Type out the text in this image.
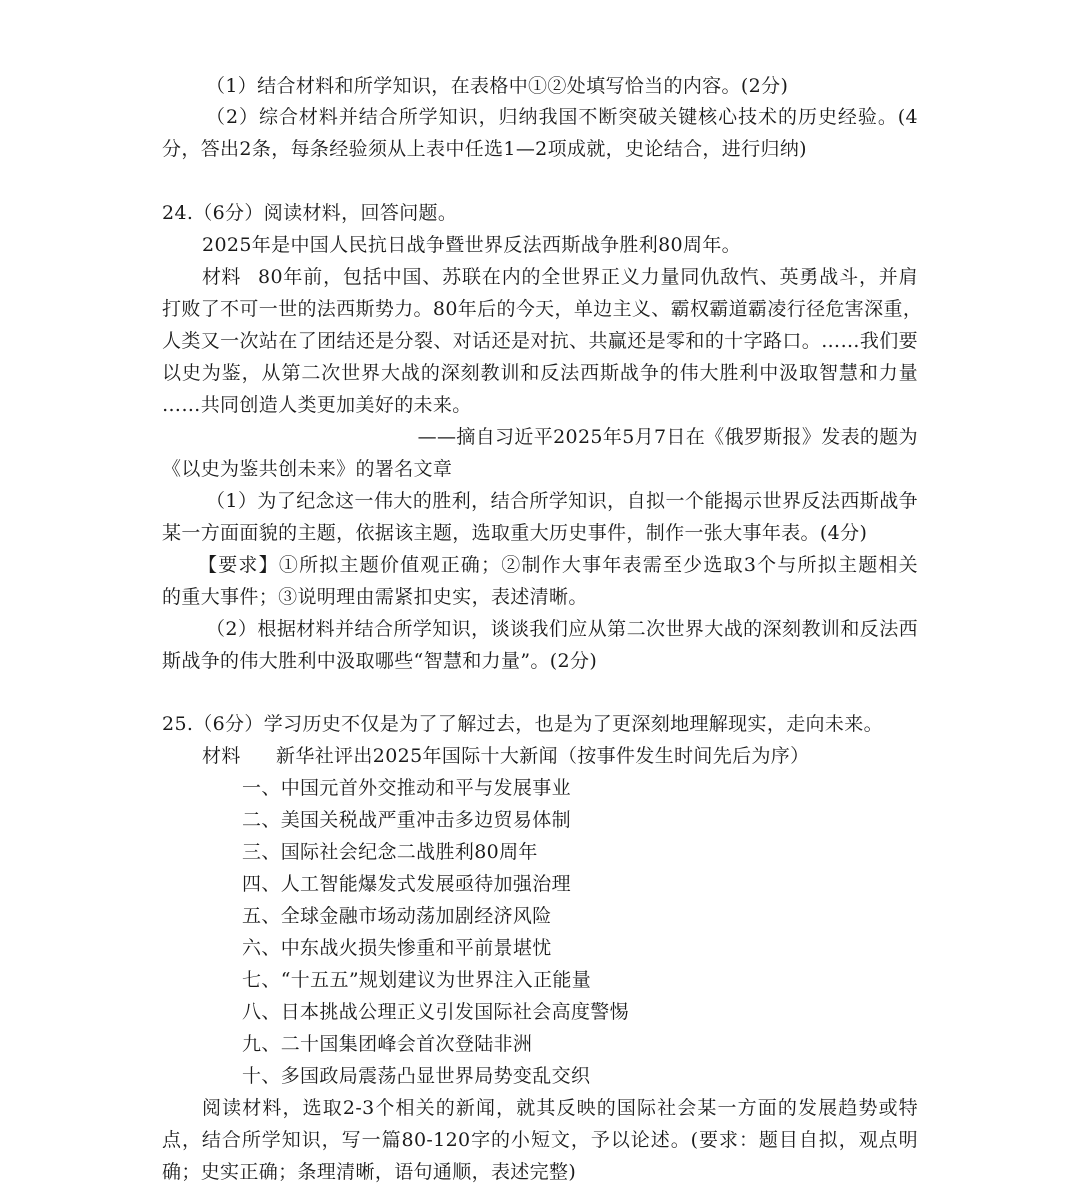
（1）结合材料和所学知识，在表格中①②处填写恰当的内容。(2分)
（2）综合材料并结合所学知识，归纳我国不断突破关键核心技术的历史经验。(4
分，答出2条，每条经验须从上表中任选1—2项成就，史论结合，进行归纳)
24.（6分）阅读材料，回答问题。
2025年是中国人民抗日战争暨世界反法西斯战争胜利80周年。
材料 80年前，包括中国、苏联在内的全世界正义力量同仇敌忾、英勇战斗，并肩
打败了不可一世的法西斯势力。80年后的今天，单边主义、霸权霸道霸凌行径危害深重，
人类又一次站在了团结还是分裂、对话还是对抗、共赢还是零和的十字路口。……我们要
以史为鉴，从第二次世界大战的深刻教训和反法西斯战争的伟大胜利中汲取智慧和力量
……共同创造人类更加美好的未来。
——摘自习近平2025年5月7日在《俄罗斯报》发表的题为
《以史为鉴共创未来》的署名文章
（1）为了纪念这一伟大的胜利，结合所学知识，自拟一个能揭示世界反法西斯战争
某一方面面貌的主题，依据该主题，选取重大历史事件，制作一张大事年表。(4分)
【要求】①所拟主题价值观正确；②制作大事年表需至少选取3个与所拟主题相关
的重大事件；③说明理由需紧扣史实，表述清晰。
（2）根据材料并结合所学知识，谈谈我们应从第二次世界大战的深刻教训和反法西
斯战争的伟大胜利中汲取哪些“智慧和力量”。(2分)
25.（6分）学习历史不仅是为了了解过去，也是为了更深刻地理解现实，走向未来。
材料	新华社评出2025年国际十大新闻（按事件发生时间先后为序）
一、中国元首外交推动和平与发展事业
二、美国关税战严重冲击多边贸易体制
三、国际社会纪念二战胜利80周年
四、人工智能爆发式发展亟待加强治理
五、全球金融市场动荡加剧经济风险
六、中东战火损失惨重和平前景堪忧
七、“十五五”规划建议为世界注入正能量
八、日本挑战公理正义引发国际社会高度警惕
九、二十国集团峰会首次登陆非洲
十、多国政局震荡凸显世界局势变乱交织
阅读材料，选取2-3个相关的新闻，就其反映的国际社会某一方面的发展趋势或特
点，结合所学知识，写一篇80-120字的小短文，予以论述。(要求：题目自拟，观点明
确；史实正确；条理清晰，语句通顺，表述完整)
